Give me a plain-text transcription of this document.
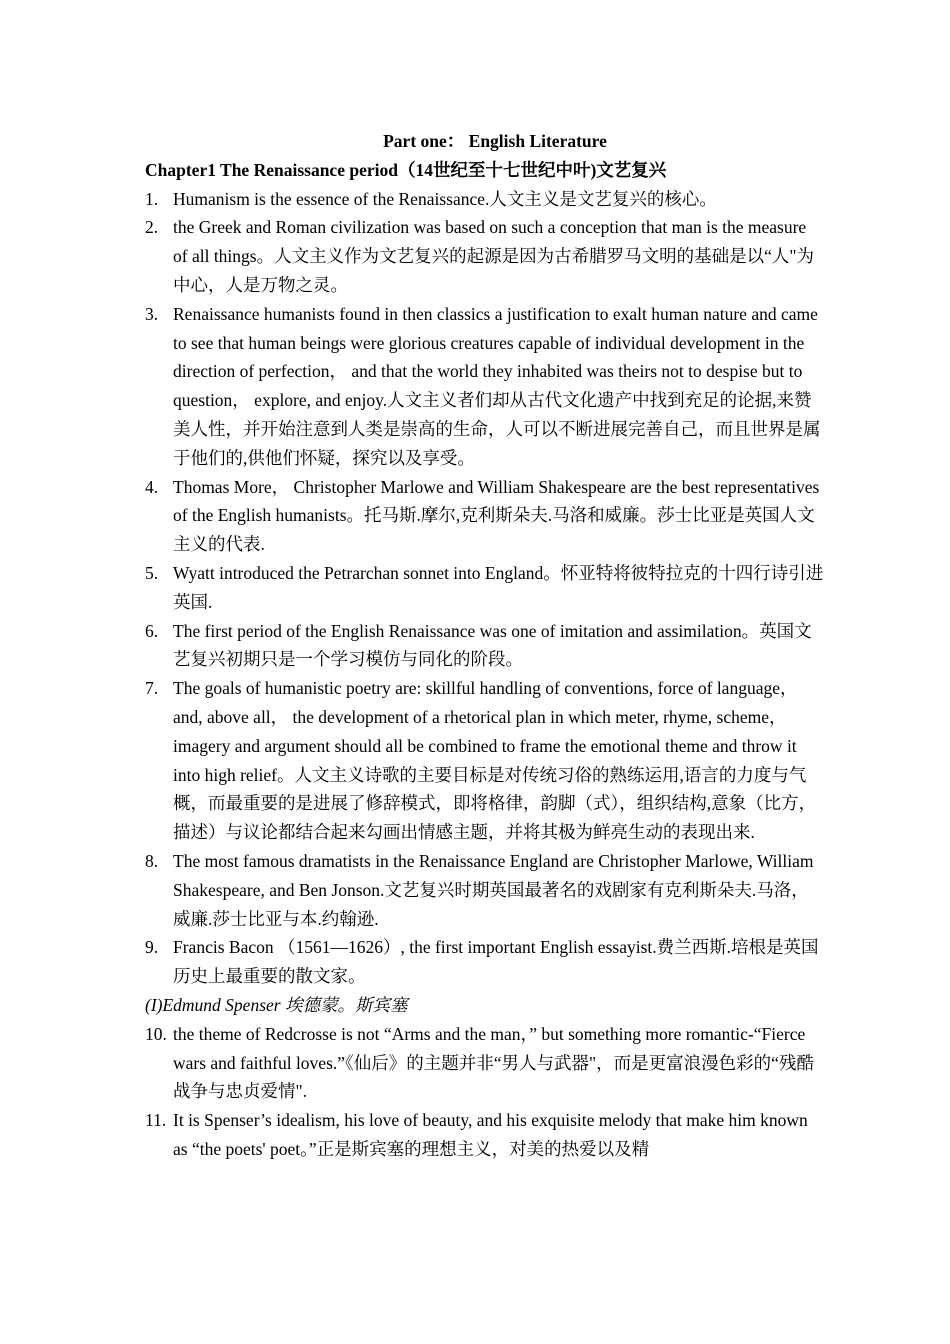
Part one： English Literature

Chapter1 The Renaissance period（14世纪至十七世纪中叶)文艺复兴

1. Humanism is the essence of the Renaissance.人文主义是文艺复兴的核心。
2. the Greek and Roman civilization was based on such a conception that man is the measure of all things。人文主义作为文艺复兴的起源是因为古希腊罗马文明的基础是以“人"为中心，人是万物之灵。
3. Renaissance humanists found in then classics a justification to exalt human nature and came to see that human beings were glorious creatures capable of individual development in the direction of perfection， and that the world they inhabited was theirs not to despise but to question， explore, and enjoy.人文主义者们却从古代文化遗产中找到充足的论据,来赞美人性，并开始注意到人类是崇高的生命，人可以不断进展完善自己，而且世界是属于他们的,供他们怀疑，探究以及享受。
4. Thomas More， Christopher Marlowe and William Shakespeare are the best representatives of the English humanists。托马斯.摩尔,克利斯朵夫.马洛和威廉。莎士比亚是英国人文主义的代表.
5. Wyatt introduced the Petrarchan sonnet into England。怀亚特将彼特拉克的十四行诗引进英国.
6. The first period of the English Renaissance was one of imitation and assimilation。英国文艺复兴初期只是一个学习模仿与同化的阶段。
7. The goals of humanistic poetry are: skillful handling of conventions, force of language， and, above all， the development of a rhetorical plan in which meter, rhyme, scheme， imagery and argument should all be combined to frame the emotional theme and throw it into high relief。人文主义诗歌的主要目标是对传统习俗的熟练运用,语言的力度与气概，而最重要的是进展了修辞模式，即将格律，韵脚（式），组织结构,意象（比方，描述）与议论都结合起来勾画出情感主题，并将其极为鲜亮生动的表现出来.
8. The most famous dramatists in the Renaissance England are Christopher Marlowe, William Shakespeare, and Ben Jonson.文艺复兴时期英国最著名的戏剧家有克利斯朵夫.马洛，威廉.莎士比亚与本.约翰逊.
9. Francis Bacon （1561—1626）, the first important English essayist.费兰西斯.培根是英国历史上最重要的散文家。

(I)Edmund Spenser 埃德蒙。斯宾塞

10. the theme of Redcrosse is not “Arms and the man，” but something more romantic-“Fierce wars and faithful loves.”《仙后》的主题并非“男人与武器"，而是更富浪漫色彩的“残酷战争与忠贞爱情".
11. It is Spenser’s idealism, his love of beauty, and his exquisite melody that make him known as “the poets' poet。”正是斯宾塞的理想主义，对美的热爱以及精
